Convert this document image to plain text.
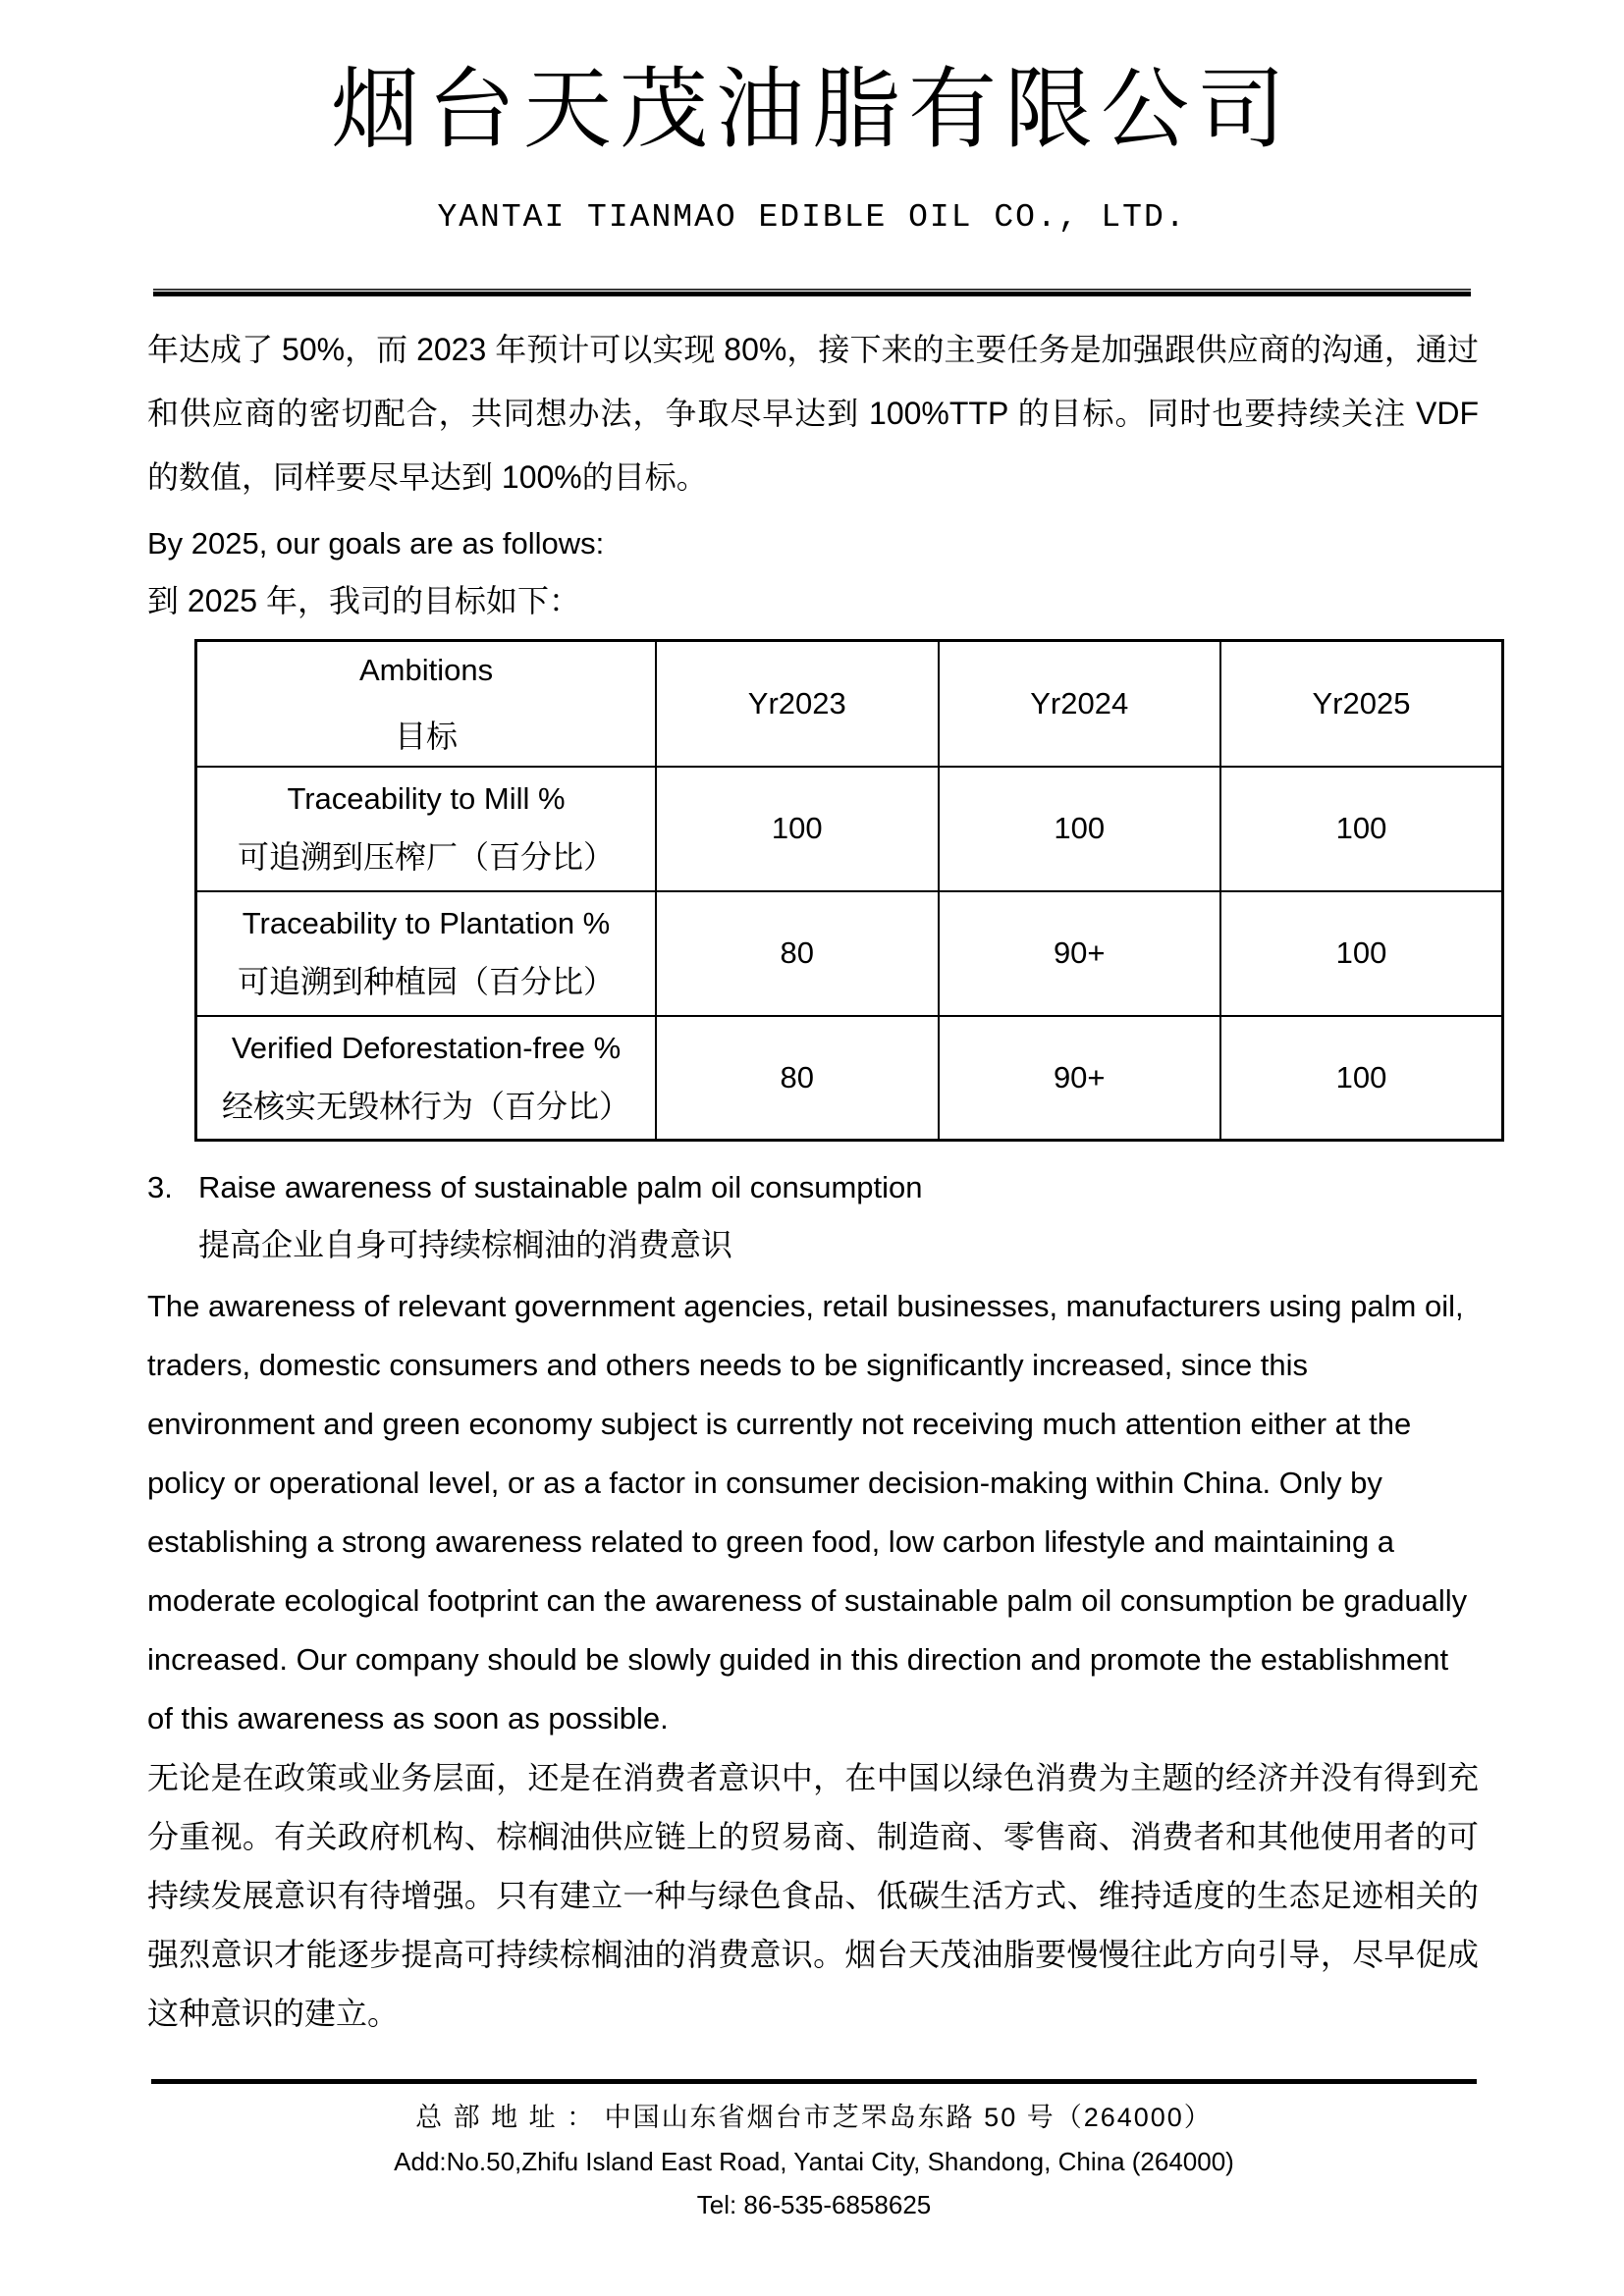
烟台天茂油脂有限公司
YANTAI TIANMAO EDIBLE OIL CO., LTD.

年达成了 50%，而 2023 年预计可以实现 80%，接下来的主要任务是加强跟供应商的沟通，通过和供应商的密切配合，共同想办法，争取尽早达到 100%TTP 的目标。同时也要持续关注 VDF 的数值，同样要尽早达到 100%的目标。

By 2025, our goals are as follows:

到 2025 年，我司的目标如下：

Ambitions
目标	Yr2023	Yr2024	Yr2025

Traceability to Mill %
可追溯到压榨厂（百分比）	100	100	100

Traceability to Plantation %
可追溯到种植园（百分比）	80	90+	100

Verified Deforestation-free %
经核实无毁林行为（百分比）	80	90+	100
3. Raise awareness of sustainable palm oil consumption
提高企业自身可持续棕榈油的消费意识

The awareness of relevant government agencies, retail businesses, manufacturers using palm oil, traders, domestic consumers and others needs to be significantly increased, since this environment and green economy subject is currently not receiving much attention either at the policy or operational level, or as a factor in consumer decision-making within China. Only by establishing a strong awareness related to green food, low carbon lifestyle and maintaining a moderate ecological footprint can the awareness of sustainable palm oil consumption be gradually increased. Our company should be slowly guided in this direction and promote the establishment of this awareness as soon as possible.

无论是在政策或业务层面，还是在消费者意识中，在中国以绿色消费为主题的经济并没有得到充分重视。有关政府机构、棕榈油供应链上的贸易商、制造商、零售商、消费者和其他使用者的可持续发展意识有待增强。只有建立一种与绿色食品、低碳生活方式、维持适度的生态足迹相关的强烈意识才能逐步提高可持续棕榈油的消费意识。烟台天茂油脂要慢慢往此方向引导，尽早促成这种意识的建立。

总 部 地 址 ： 中国山东省烟台市芝罘岛东路 50 号（264000）
Add:No.50,Zhifu Island East Road, Yantai City, Shandong, China (264000)
Tel: 86-535-6858625
